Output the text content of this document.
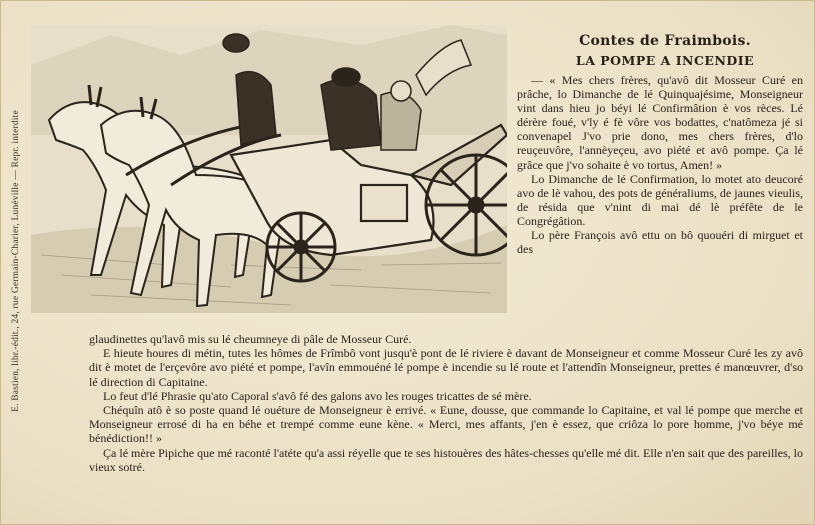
E. Bastien, libr.-édit., 24, rue Germain-Charier, Lunéville — Repr. interdite
Contes de Fraimbois.
LA POMPE A INCENDIE

— « Mes chers frères, qu'avô dit Mosseur Curé en prâche, lo Dimanche de lé Quinquajésime, Monseigneur vint dans hieu jo béyi lé Confirmâtion è vos rèces. Lé dérère foué, v'ly é fè vôre vos bodattes, c'natômeza jé si convenapel J'vo prie dono, mes chers frères, d'lo reuçeuvôre, l'annèyeçeu, avo piété et avô pompe. Ça lé grâce que j'vo sohaite è vo tortus, Amen! »

Lo Dimanche de lé Confirmation, lo motet ato deucoré avo de lè vahou, des pots de généraliums, de jaunes vieulis, de résida que v'nint di mai dé lè préfête de le Congrégâtion.

Lo père François avô ettu on bô quouéri di mirguet et des

glaudinettes qu'lavô mis su lé cheumneye di pâle de Mosseur Curé.

E hieute houres di métin, tutes les hômes de Frîmbô vont jusqu'è pont de lé riviere è davant de Monseigneur et comme Mosseur Curé les zy avô dit è motet de l'erçevôre avo piété et pompe, l'avîn emmouéné lé pompe è incendie su lé route et l'attendîn Monseigneur, prettes é manœuvrer, d'so lé direction di Capitaine.

Lo feut d'lé Phrasie qu'ato Caporal s'avô fé des galons avo les rouges tricattes de sé mère.

Chéquîn atô è so poste quand lé ouéture de Monseigneur è errivé. « Eune, dousse, que commande lo Capitaine, et val lé pompe que merche et Monseigneur errosé di ha en béhe et trempé comme eune kène. « Merci, mes affants, j'en è essez, que criôza lo pore homme, j'vo béye mé bénédiction!! »

Ça lé mère Pipiche que mé raconté l'atéte qu'a assi réyelle que te ses histouères des hâtes-chesses qu'elle mé dit. Elle n'en sait que des pareilles, lo vieux sotré.
